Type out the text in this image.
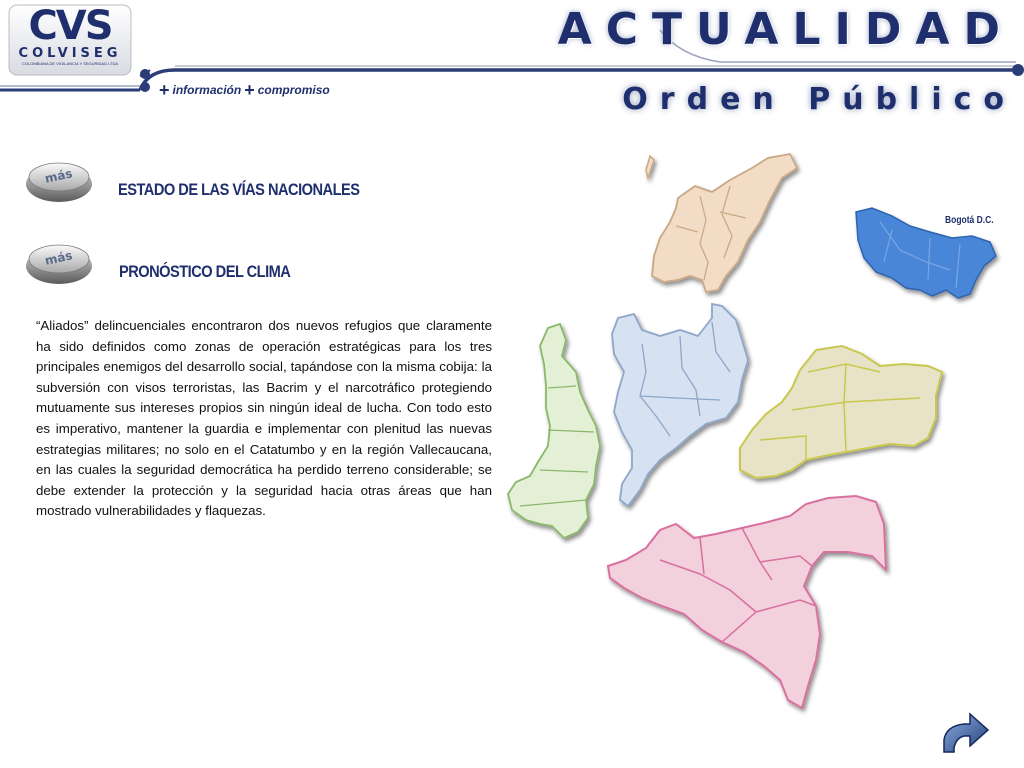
CVS
COLVISEG
COLOMBIANA DE VIGILANCIA Y SEGURIDAD LTDA
ACTUALIDAD
Orden Público
+ información + compromiso
más
más
ESTADO DE LAS VÍAS NACIONALES
PRONÓSTICO DEL CLIMA

“Aliados” delincuenciales encontraron dos nuevos refugios que claramente ha sido definidos como zonas de operación estratégicas para los tres principales enemigos del desarrollo social, tapándose con la misma cobija: la subversión con visos terroristas, las Bacrim y el narcotráfico protegiendo mutuamente sus intereses propios sin ningún ideal de lucha. Con todo esto es imperativo, mantener la guardia e implementar con plenitud las nuevas estrategias militares; no solo en el Catatumbo y en la región Vallecaucana, en las cuales la seguridad democrática ha perdido terreno considerable; se debe extender la protección y la seguridad hacia otras áreas que han mostrado vulnerabilidades y flaquezas.

Bogotá D.C.
